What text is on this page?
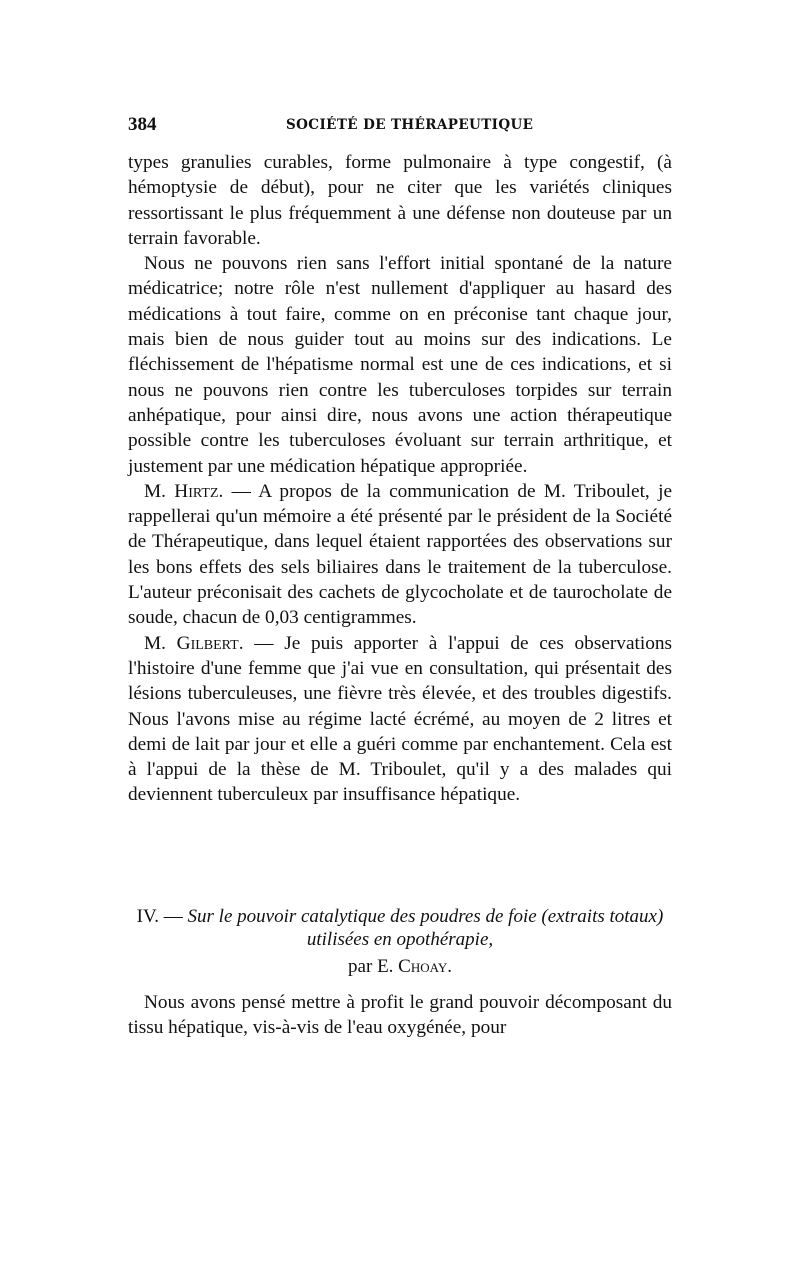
384	SOCIÉTÉ DE THÉRAPEUTIQUE

types granulies curables, forme pulmonaire à type congestif, (à hémoptysie de début), pour ne citer que les variétés cliniques ressortissant le plus fréquemment à une défense non douteuse par un terrain favorable.

Nous ne pouvons rien sans l'effort initial spontané de la nature médicatrice; notre rôle n'est nullement d'appliquer au hasard des médications à tout faire, comme on en préconise tant chaque jour, mais bien de nous guider tout au moins sur des indications. Le fléchissement de l'hépatisme normal est une de ces indications, et si nous ne pouvons rien contre les tuberculoses torpides sur terrain anhépatique, pour ainsi dire, nous avons une action thérapeutique possible contre les tuberculoses évoluant sur terrain arthritique, et justement par une médication hépatique appropriée.

M. Hirtz. — A propos de la communication de M. Triboulet, je rappellerai qu'un mémoire a été présenté par le président de la Société de Thérapeutique, dans lequel étaient rapportées des observations sur les bons effets des sels biliaires dans le traitement de la tuberculose. L'auteur préconisait des cachets de glycocholate et de taurocholate de soude, chacun de 0,03 centigrammes.

M. Gilbert. — Je puis apporter à l'appui de ces observations l'histoire d'une femme que j'ai vue en consultation, qui présentait des lésions tuberculeuses, une fièvre très élevée, et des troubles digestifs. Nous l'avons mise au régime lacté écrémé, au moyen de 2 litres et demi de lait par jour et elle a guéri comme par enchantement. Cela est à l'appui de la thèse de M. Triboulet, qu'il y a des malades qui deviennent tuberculeux par insuffisance hépatique.

IV. — Sur le pouvoir catalytique des poudres de foie (extraits totaux)
utilisées en opothérapie,
par E. Choay.

Nous avons pensé mettre à profit le grand pouvoir décomposant du tissu hépatique, vis-à-vis de l'eau oxygénée, pour
